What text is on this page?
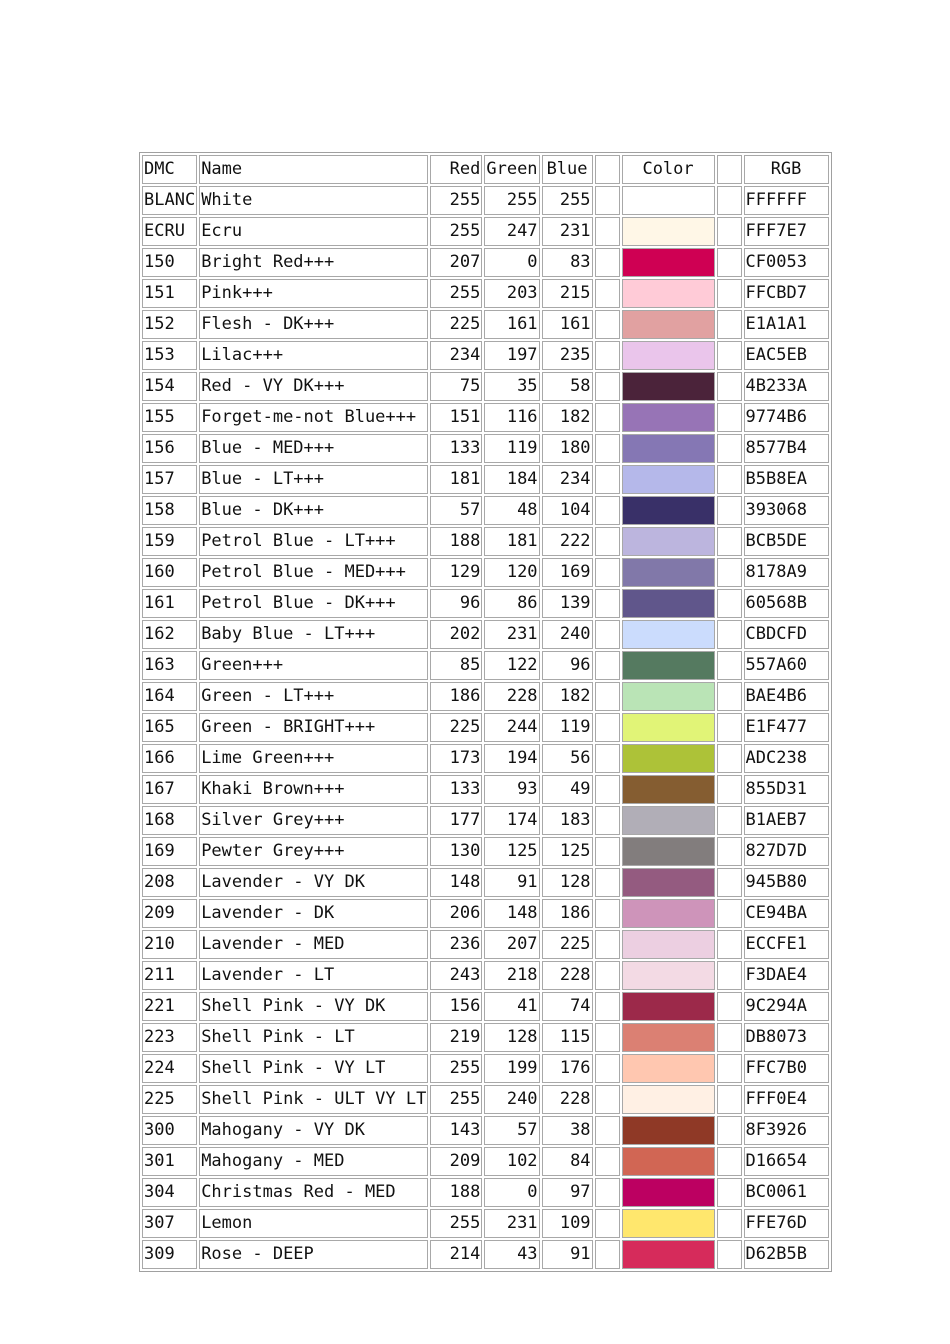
DMC	Name	Red	Green	Blue		Color		RGB
BLANC	White	255	255	255				FFFFFF
ECRU	Ecru	255	247	231				FFF7E7
150	Bright Red+++	207	0	83				CF0053
151	Pink+++	255	203	215				FFCBD7
152	Flesh - DK+++	225	161	161				E1A1A1
153	Lilac+++	234	197	235				EAC5EB
154	Red - VY DK+++	75	35	58				4B233A
155	Forget-me-not Blue+++	151	116	182				9774B6
156	Blue - MED+++	133	119	180				8577B4
157	Blue - LT+++	181	184	234				B5B8EA
158	Blue - DK+++	57	48	104				393068
159	Petrol Blue - LT+++	188	181	222				BCB5DE
160	Petrol Blue - MED+++	129	120	169				8178A9
161	Petrol Blue - DK+++	96	86	139				60568B
162	Baby Blue - LT+++	202	231	240				CBDCFD
163	Green+++	85	122	96				557A60
164	Green - LT+++	186	228	182				BAE4B6
165	Green - BRIGHT+++	225	244	119				E1F477
166	Lime Green+++	173	194	56				ADC238
167	Khaki Brown+++	133	93	49				855D31
168	Silver Grey+++	177	174	183				B1AEB7
169	Pewter Grey+++	130	125	125				827D7D
208	Lavender - VY DK	148	91	128				945B80
209	Lavender - DK	206	148	186				CE94BA
210	Lavender - MED	236	207	225				ECCFE1
211	Lavender - LT	243	218	228				F3DAE4
221	Shell Pink - VY DK	156	41	74				9C294A
223	Shell Pink - LT	219	128	115				DB8073
224	Shell Pink - VY LT	255	199	176				FFC7B0
225	Shell Pink - ULT VY LT	255	240	228				FFF0E4
300	Mahogany - VY DK	143	57	38				8F3926
301	Mahogany - MED	209	102	84				D16654
304	Christmas Red - MED	188	0	97				BC0061
307	Lemon	255	231	109				FFE76D
309	Rose - DEEP	214	43	91				D62B5B
